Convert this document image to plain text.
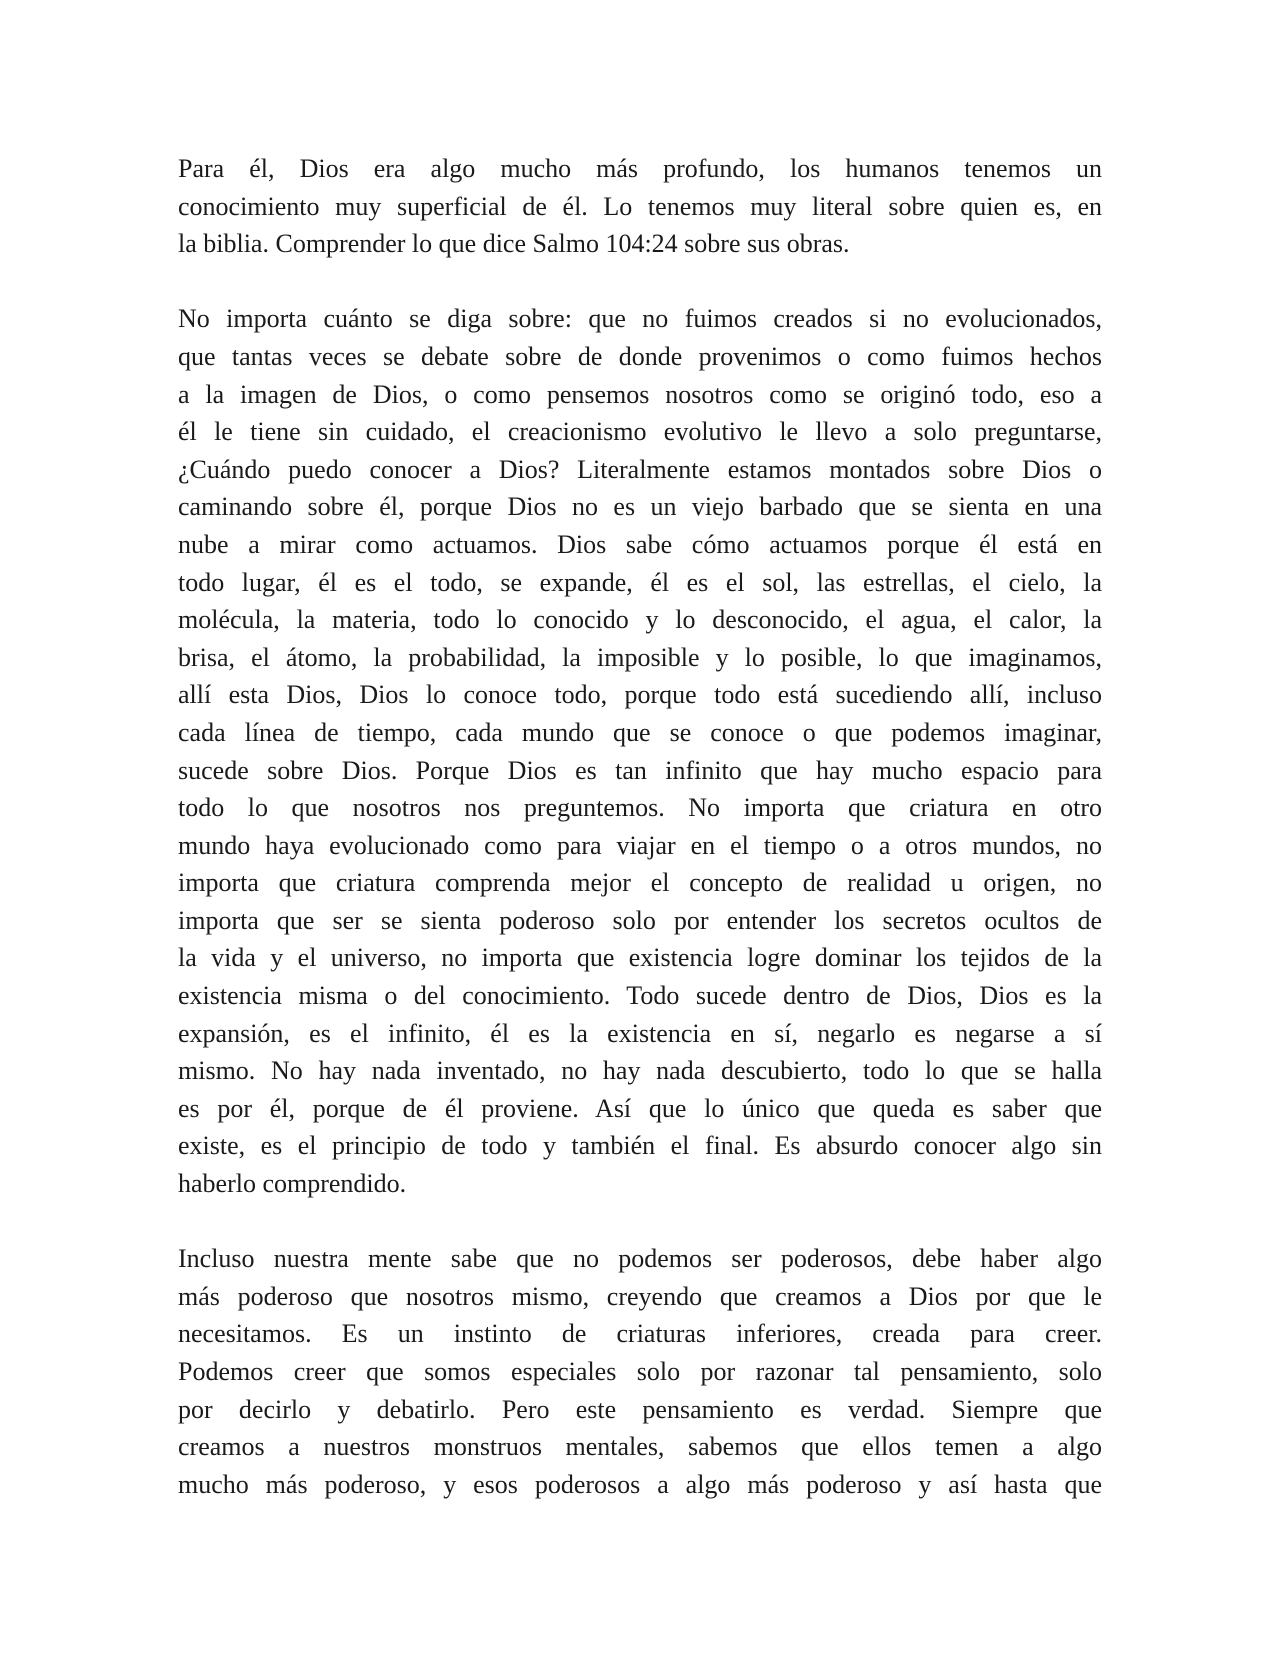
Para él, Dios era algo mucho más profundo, los humanos tenemos un
conocimiento muy superficial de él. Lo tenemos muy literal sobre quien es, en
la biblia. Comprender lo que dice Salmo 104:24 sobre sus obras.

No importa cuánto se diga sobre: que no fuimos creados si no evolucionados,
que tantas veces se debate sobre de donde provenimos o como fuimos hechos
a la imagen de Dios, o como pensemos nosotros como se originó todo, eso a
él le tiene sin cuidado, el creacionismo evolutivo le llevo a solo preguntarse,
¿Cuándo puedo conocer a Dios? Literalmente estamos montados sobre Dios o
caminando sobre él, porque Dios no es un viejo barbado que se sienta en una
nube a mirar como actuamos. Dios sabe cómo actuamos porque él está en
todo lugar, él es el todo, se expande, él es el sol, las estrellas, el cielo, la
molécula, la materia, todo lo conocido y lo desconocido, el agua, el calor, la
brisa, el átomo, la probabilidad, la imposible y lo posible, lo que imaginamos,
allí esta Dios, Dios lo conoce todo, porque todo está sucediendo allí, incluso
cada línea de tiempo, cada mundo que se conoce o que podemos imaginar,
sucede sobre Dios. Porque Dios es tan infinito que hay mucho espacio para
todo lo que nosotros nos preguntemos. No importa que criatura en otro
mundo haya evolucionado como para viajar en el tiempo o a otros mundos, no
importa que criatura comprenda mejor el concepto de realidad u origen, no
importa que ser se sienta poderoso solo por entender los secretos ocultos de
la vida y el universo, no importa que existencia logre dominar los tejidos de la
existencia misma o del conocimiento. Todo sucede dentro de Dios, Dios es la
expansión, es el infinito, él es la existencia en sí, negarlo es negarse a sí
mismo. No hay nada inventado, no hay nada descubierto, todo lo que se halla
es por él, porque de él proviene. Así que lo único que queda es saber que
existe, es el principio de todo y también el final. Es absurdo conocer algo sin
haberlo comprendido.

Incluso nuestra mente sabe que no podemos ser poderosos, debe haber algo
más poderoso que nosotros mismo, creyendo que creamos a Dios por que le
necesitamos. Es un instinto de criaturas inferiores, creada para creer.
Podemos creer que somos especiales solo por razonar tal pensamiento, solo
por decirlo y debatirlo. Pero este pensamiento es verdad. Siempre que
creamos a nuestros monstruos mentales, sabemos que ellos temen a algo
mucho más poderoso, y esos poderosos a algo más poderoso y así hasta que
